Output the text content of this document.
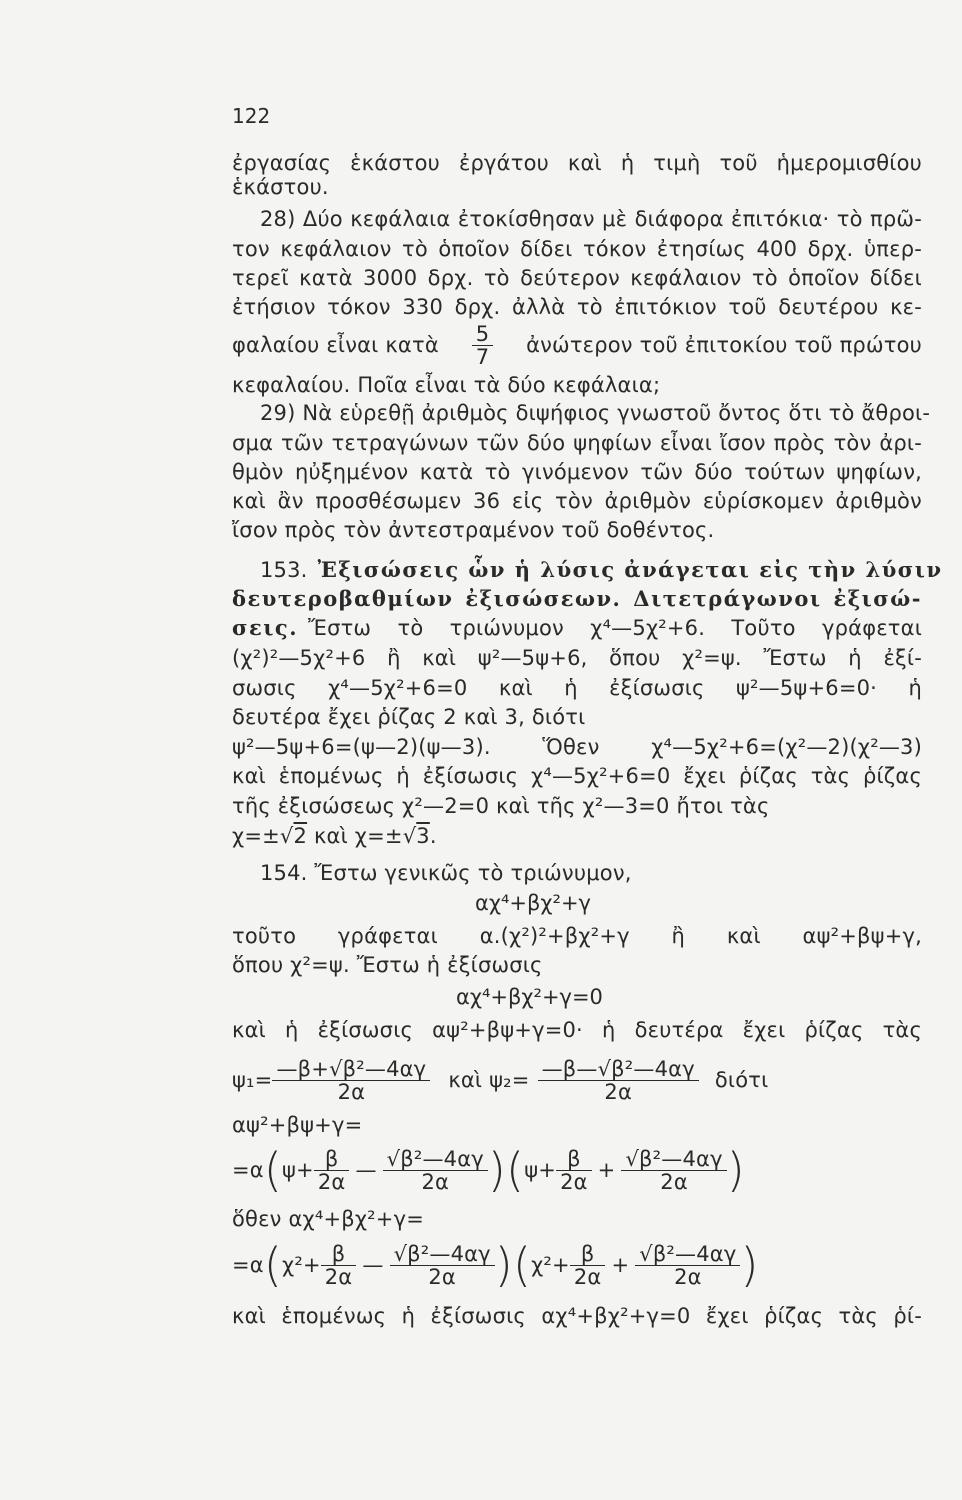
122
ἐργασίας ἑκάστου ἐργάτου καὶ ἡ τιμὴ τοῦ ἡμερομισθίου
ἑκάστου.
28) Δύο κεφάλαια ἐτοκίσθησαν μὲ διάφορα ἐπιτόκια· τὸ πρῶ-
τον κεφάλαιον τὸ ὁποῖον δίδει τόκον ἐτησίως 400 δρχ. ὑπερ-
τερεῖ κατὰ 3000 δρχ. τὸ δεύτερον κεφάλαιον τὸ ὁποῖον δίδει
ἐτήσιον τόκον 330 δρχ. ἀλλὰ τὸ ἐπιτόκιον τοῦ δευτέρου κε-
φαλαίου εἶναι κατὰ $\frac{5}{7}$ ἀνώτερον τοῦ ἐπιτοκίου τοῦ πρώτου
κεφαλαίου. Ποῖα εἶναι τὰ δύο κεφάλαια;
29) Νὰ εὑρεθῇ ἀριθμὸς διψήφιος γνωστοῦ ὄντος ὅτι τὸ ἄθροι-
σμα τῶν τετραγώνων τῶν δύο ψηφίων εἶναι ἴσον πρὸς τὸν ἀρι-
θμὸν ηὐξημένον κατὰ τὸ γινόμενον τῶν δύο τούτων ψηφίων,
καὶ ἂν προσθέσωμεν 36 εἰς τὸν ἀριθμὸν εὑρίσκομεν ἀριθμὸν
ἴσον πρὸς τὸν ἀντεστραμένον τοῦ δοθέντος.
153. Ἐξισώσεις ὧν ἡ λύσις ἀνάγεται εἰς τὴν λύσιν
δευτεροβαθμίων ἐξισώσεων. Διτετράγωνοι ἐξισώ-
σεις. Ἔστω τὸ τριώνυμον χ⁴—5χ²+6. Τοῦτο γράφεται
(χ²)²—5χ²+6 ἢ καὶ ψ²—5ψ+6, ὅπου χ²=ψ. Ἔστω ἡ ἐξί-
σωσις χ⁴—5χ²+6=0 καὶ ἡ ἐξίσωσις ψ²—5ψ+6=0· ἡ
δευτέρα ἔχει ῥίζας 2 καὶ 3, διότι
ψ²—5ψ+6=(ψ—2)(ψ—3). Ὅθεν χ⁴—5χ²+6=(χ²—2)(χ²—3)
καὶ ἑπομένως ἡ ἐξίσωσις χ⁴—5χ²+6=0 ἔχει ῥίζας τὰς ῥίζας
τῆς ἐξισώσεως χ²—2=0 καὶ τῆς χ²—3=0 ἤτοι τὰς
χ=±√2 καὶ χ=±√3.
154. Ἔστω γενικῶς τὸ τριώνυμον,
αχ⁴+βχ²+γ
τοῦτο γράφεται α.(χ²)²+βχ²+γ ἢ καὶ αψ²+βψ+γ,
ὅπου χ²=ψ. Ἔστω ἡ ἐξίσωσις
αχ⁴+βχ²+γ=0
καὶ ἡ ἐξίσωσις αψ²+βψ+γ=0· ἡ δευτέρα ἔχει ῥίζας τὰς
$\psi_1= \frac{\text{—β+√β²—4αγ}}{2\alpha}$ καὶ $\psi_2= \frac{\text{—β—√β²—4αγ}}{2\alpha}$ διότι
αψ²+βψ+γ=
=α ( $\psi+ \frac{\beta}{2\alpha}$ — $\frac{\text{√β²—4αγ}}{2\alpha}$ )( $\psi+ \frac{\beta}{2\alpha} + \frac{\text{√β²—4αγ}}{2\alpha}$ )
ὅθεν αχ⁴+βχ²+γ=
=α ( $\chi^2+ \frac{\beta}{2\alpha}$ — $\frac{\text{√β²—4αγ}}{2\alpha}$ )( $\chi^2+ \frac{\beta}{2\alpha} + \frac{\text{√β²—4αγ}}{2\alpha}$ )
καὶ ἑπομένως ἡ ἐξίσωσις αχ⁴+βχ²+γ=0 ἔχει ῥίζας τὰς ῥί-
